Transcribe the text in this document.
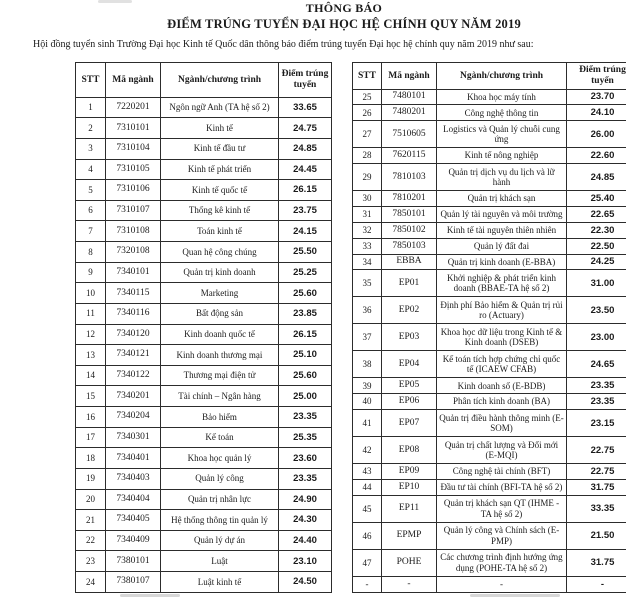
THÔNG BÁO
ĐIỂM TRÚNG TUYỂN ĐẠI HỌC HỆ CHÍNH QUY NĂM 2019
Hội đồng tuyển sinh Trường Đại học Kinh tế Quốc dân thông báo điểm trúng tuyển Đại học hệ chính quy năm 2019 như sau:
STT	Mã ngành	Ngành/chương trình	Điểm trúng tuyển
1	7220201	Ngôn ngữ Anh (TA hệ số 2)	33.65
2	7310101	Kinh tế	24.75
3	7310104	Kinh tế đầu tư	24.85
4	7310105	Kinh tế phát triển	24.45
5	7310106	Kinh tế quốc tế	26.15
6	7310107	Thống kê kinh tế	23.75
7	7310108	Toán kinh tế	24.15
8	7320108	Quan hệ công chúng	25.50
9	7340101	Quản trị kinh doanh	25.25
10	7340115	Marketing	25.60
11	7340116	Bất động sản	23.85
12	7340120	Kinh doanh quốc tế	26.15
13	7340121	Kinh doanh thương mại	25.10
14	7340122	Thương mại điện tử	25.60
15	7340201	Tài chính – Ngân hàng	25.00
16	7340204	Bảo hiểm	23.35
17	7340301	Kế toán	25.35
18	7340401	Khoa học quản lý	23.60
19	7340403	Quản lý công	23.35
20	7340404	Quản trị nhân lực	24.90
21	7340405	Hệ thống thông tin quản lý	24.30
22	7340409	Quản lý dự án	24.40
23	7380101	Luật	23.10
24	7380107	Luật kinh tế	24.50
STT	Mã ngành	Ngành/chương trình	Điểm trúng tuyển
25	7480101	Khoa học máy tính	23.70
26	7480201	Công nghệ thông tin	24.10
27	7510605	Logistics và Quản lý chuỗi cung ứng	26.00
28	7620115	Kinh tế nông nghiệp	22.60
29	7810103	Quản trị dịch vụ du lịch và lữ hành	24.85
30	7810201	Quản trị khách sạn	25.40
31	7850101	Quản lý tài nguyên và môi trường	22.65
32	7850102	Kinh tế tài nguyên thiên nhiên	22.30
33	7850103	Quản lý đất đai	22.50
34	EBBA	Quản trị kinh doanh (E-BBA)	24.25
35	EP01	Khởi nghiệp & phát triển kinh doanh (BBAE-TA hệ số 2)	31.00
36	EP02	Định phí Bảo hiểm & Quản trị rủi ro (Actuary)	23.50
37	EP03	Khoa học dữ liệu trong Kinh tế & Kinh doanh (DSEB)	23.00
38	EP04	Kế toán tích hợp chứng chỉ quốc tế (ICAEW CFAB)	24.65
39	EP05	Kinh doanh số (E-BDB)	23.35
40	EP06	Phân tích kinh doanh (BA)	23.35
41	EP07	Quản trị điều hành thông minh (E-SOM)	23.15
42	EP08	Quản trị chất lượng và Đổi mới (E-MQI)	22.75
43	EP09	Công nghệ tài chính (BFT)	22.75
44	EP10	Đầu tư tài chính (BFI-TA hệ số 2)	31.75
45	EP11	Quản trị khách sạn QT (IHME - TA hệ số 2)	33.35
46	EPMP	Quản lý công và Chính sách (E-PMP)	21.50
47	POHE	Các chương trình định hướng ứng dụng (POHE-TA hệ số 2)	31.75
-	-	-	-
